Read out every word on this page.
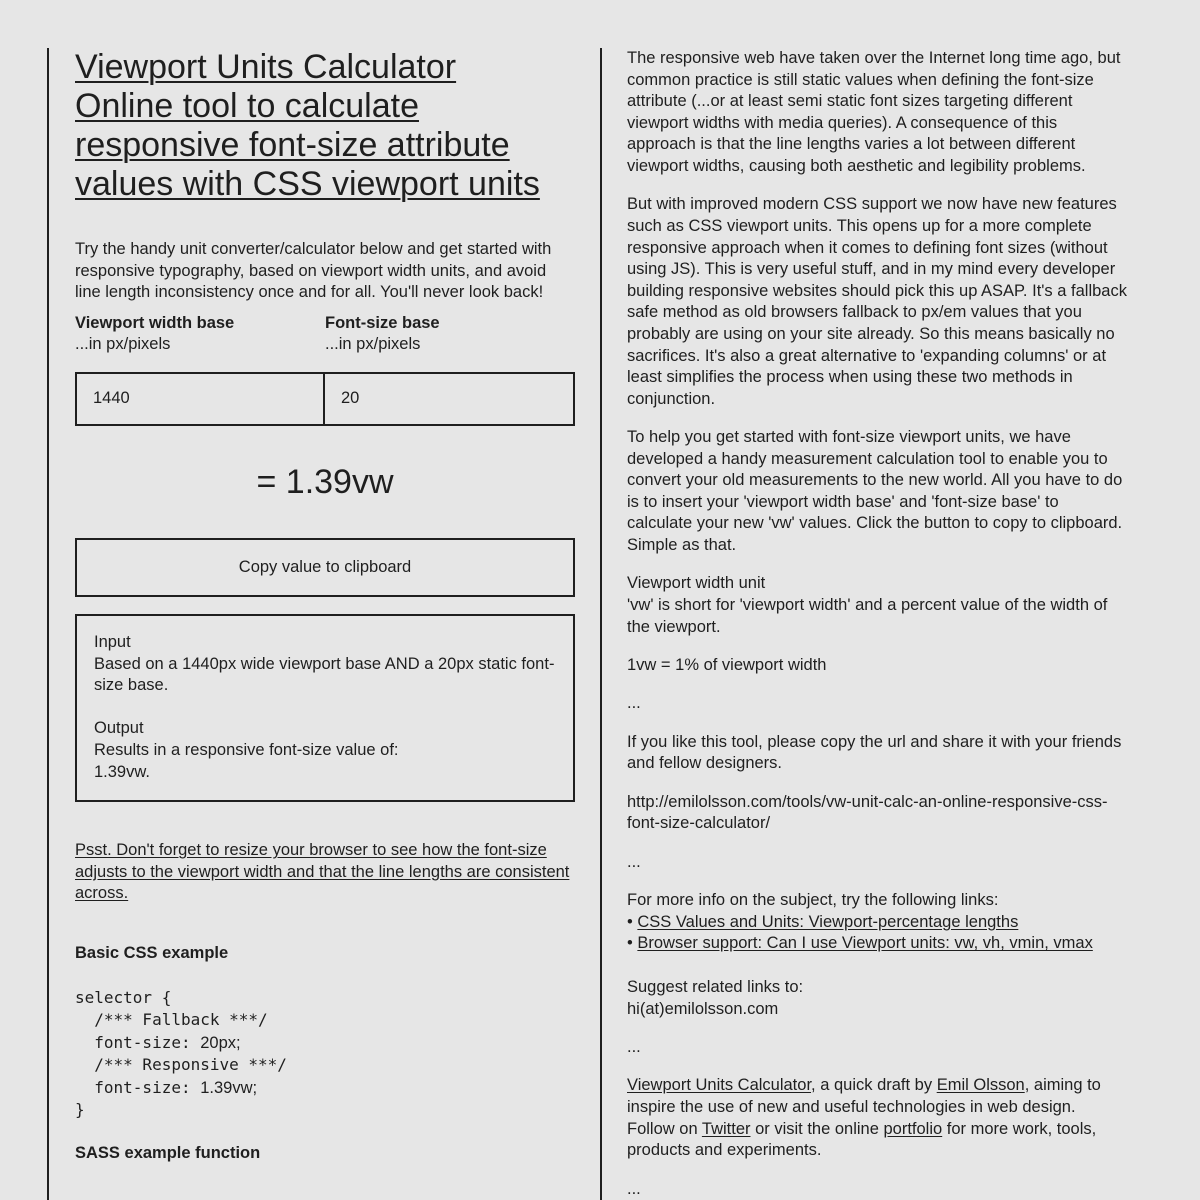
Viewport Units Calculator
Online tool to calculate
responsive font-size attribute
values with CSS viewport units

Try the handy unit converter/calculator below and get started with responsive typography, based on viewport width units, and avoid line length inconsistency once and for all. You'll never look back!

Viewport width base
...in px/pixels
Font-size base
...in px/pixels
1440
20
= 1.39vw
Copy value to clipboard

Input

Based on a 1440px wide viewport base AND a 20px static font-size base.

Output

Results in a responsive font-size value of:

1.39vw.

Psst. Don't forget to resize your browser to see how the font-size adjusts to the viewport width and that the line lengths are consistent across.
Basic CSS example
selector {
/*** Fallback ***/
font-size: 20px;
/*** Responsive ***/
font-size: 1.39vw;
}
SASS example function

The responsive web have taken over the Internet long time ago, but common practice is still static values when defining the font-size attribute (...or at least semi static font sizes targeting different viewport widths with media queries). A consequence of this approach is that the line lengths varies a lot between different viewport widths, causing both aesthetic and legibility problems.

But with improved modern CSS support we now have new features such as CSS viewport units. This opens up for a more complete responsive approach when it comes to defining font sizes (without using JS). This is very useful stuff, and in my mind every developer building responsive websites should pick this up ASAP. It's a fallback safe method as old browsers fallback to px/em values that you probably are using on your site already. So this means basically no sacrifices. It's also a great alternative to 'expanding columns' or at least simplifies the process when using these two methods in conjunction.

To help you get started with font-size viewport units, we have developed a handy measurement calculation tool to enable you to convert your old measurements to the new world. All you have to do is to insert your 'viewport width base' and 'font-size base' to calculate your new 'vw' values. Click the button to copy to clipboard. Simple as that.

Viewport width unit
'vw' is short for 'viewport width' and a percent value of the width of the viewport.

1vw = 1% of viewport width

...

If you like this tool, please copy the url and share it with your friends and fellow designers.

http://emilolsson.com/tools/vw-unit-calc-an-online-responsive-css-font-size-calculator/

...

For more info on the subject, try the following links:
• CSS Values and Units: Viewport-percentage lengths
• Browser support: Can I use Viewport units: vw, vh, vmin, vmax

Suggest related links to:
hi(at)emilolsson.com

...

Viewport Units Calculator, a quick draft by Emil Olsson, aiming to inspire the use of new and useful technologies in web design. Follow on Twitter or visit the online portfolio for more work, tools, products and experiments.

...
